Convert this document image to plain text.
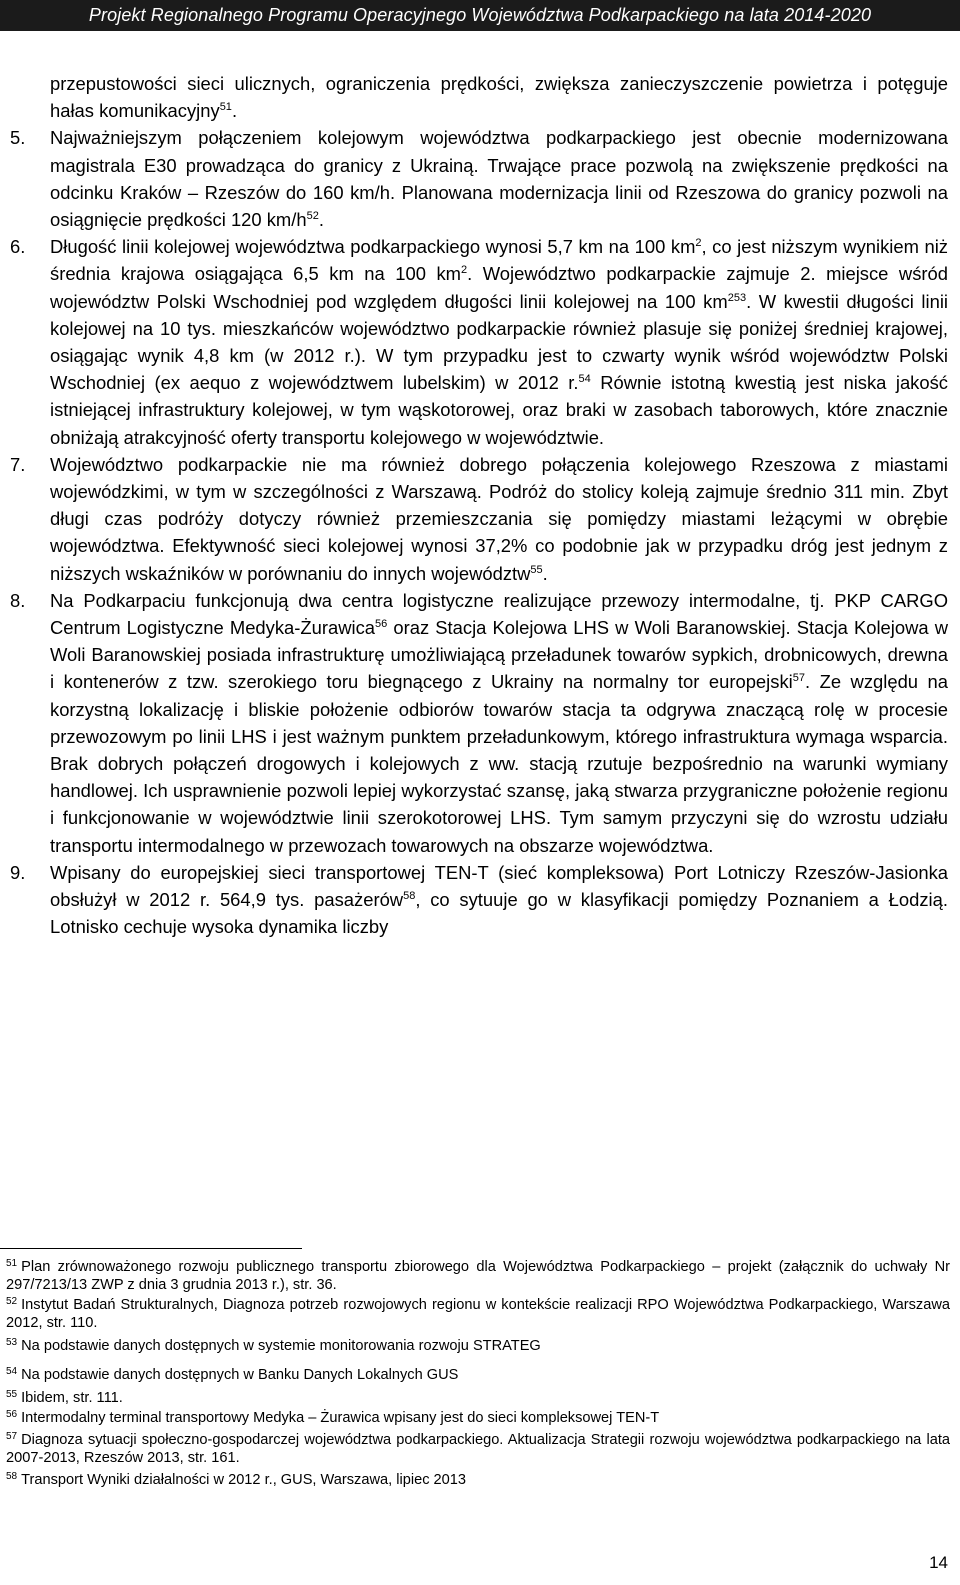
Projekt Regionalnego Programu Operacyjnego Województwa Podkarpackiego na lata 2014-2020

przepustowości sieci ulicznych, ograniczenia prędkości, zwiększa zanieczyszczenie powietrza i potęguje hałas komunikacyjny$^{51}$.

5. Najważniejszym połączeniem kolejowym województwa podkarpackiego jest obecnie modernizowana magistrala E30 prowadząca do granicy z Ukrainą. Trwające prace pozwolą na zwiększenie prędkości na odcinku Kraków – Rzeszów do 160 km/h. Planowana modernizacja linii od Rzeszowa do granicy pozwoli na osiągnięcie prędkości 120 $km/h^{52}$.
6. Długość linii kolejowej województwa podkarpackiego wynosi 5,7 km na 100 $km^2$, co jest niższym wynikiem niż średnia krajowa osiągająca 6,5 km na 100 $km^2$. Województwo podkarpackie zajmuje 2. miejsce wśród województw Polski Wschodniej pod względem długości linii kolejowej na 100 $km^{253}$. W kwestii długości linii kolejowej na 10 tys. mieszkańców województwo podkarpackie również plasuje się poniżej średniej krajowej, osiągając wynik 4,8 km (w 2012 r.). W tym przypadku jest to czwarty wynik wśród województw Polski Wschodniej (ex aequo z województwem lubelskim) w 2012 r.$^{54}$ Równie istotną kwestią jest niska jakość istniejącej infrastruktury kolejowej, w tym wąskotorowej, oraz braki w zasobach taborowych, które znacznie obniżają atrakcyjność oferty transportu kolejowego w województwie.
7. Województwo podkarpackie nie ma również dobrego połączenia kolejowego Rzeszowa z miastami wojewódzkimi, w tym w szczególności z Warszawą. Podróż do stolicy koleją zajmuje średnio 311 min. Zbyt długi czas podróży dotyczy również przemieszczania się pomiędzy miastami leżącymi w obrębie województwa. Efektywność sieci kolejowej wynosi 37,2% co podobnie jak w przypadku dróg jest jednym z niższych wskaźników w porównaniu do innych województw$^{55}$.
8. Na Podkarpaciu funkcjonują dwa centra logistyczne realizujące przewozy intermodalne, tj. PKP CARGO Centrum Logistyczne Medyka-Żurawica$^{56}$ oraz Stacja Kolejowa LHS w Woli Baranowskiej. Stacja Kolejowa w Woli Baranowskiej posiada infrastrukturę umożliwiającą przeładunek towarów sypkich, drobnicowych, drewna i kontenerów z tzw. szerokiego toru biegnącego z Ukrainy na normalny tor europejski$^{57}$. Ze względu na korzystną lokalizację i bliskie położenie odbiorów towarów stacja ta odgrywa znaczącą rolę w procesie przewozowym po linii LHS i jest ważnym punktem przeładunkowym, którego infrastruktura wymaga wsparcia. Brak dobrych połączeń drogowych i kolejowych z ww. stacją rzutuje bezpośrednio na warunki wymiany handlowej. Ich usprawnienie pozwoli lepiej wykorzystać szansę, jaką stwarza przygraniczne położenie regionu i funkcjonowanie w województwie linii szerokotorowej LHS. Tym samym przyczyni się do wzrostu udziału transportu intermodalnego w przewozach towarowych na obszarze województwa.
9. Wpisany do europejskiej sieci transportowej TEN-T (sieć kompleksowa) Port Lotniczy Rzeszów-Jasionka obsłużył w 2012 r. 564,9 tys. pasażerów$^{58}$, co sytuuje go w klasyfikacji pomiędzy Poznaniem a Łodzią. Lotnisko cechuje wysoka dynamika liczby
$^{51}$ Plan zrównoważonego rozwoju publicznego transportu zbiorowego dla Województwa Podkarpackiego – projekt (załącznik do uchwały Nr 297/7213/13 ZWP z dnia 3 grudnia 2013 r.), str. 36.
$^{52}$ Instytut Badań Strukturalnych, Diagnoza potrzeb rozwojowych regionu w kontekście realizacji RPO Województwa Podkarpackiego, Warszawa 2012, str. 110.
$^{53}$ Na podstawie danych dostępnych w systemie monitorowania rozwoju STRATEG
$^{54}$ Na podstawie danych dostępnych w Banku Danych Lokalnych GUS
$^{55}$ Ibidem, str. 111.
$^{56}$ Intermodalny terminal transportowy Medyka – Żurawica wpisany jest do sieci kompleksowej TEN-T
$^{57}$ Diagnoza sytuacji społeczno-gospodarczej województwa podkarpackiego. Aktualizacja Strategii rozwoju województwa podkarpackiego na lata 2007-2013, Rzeszów 2013, str. 161.
$^{58}$ Transport Wyniki działalności w 2012 r., GUS, Warszawa, lipiec 2013
14
